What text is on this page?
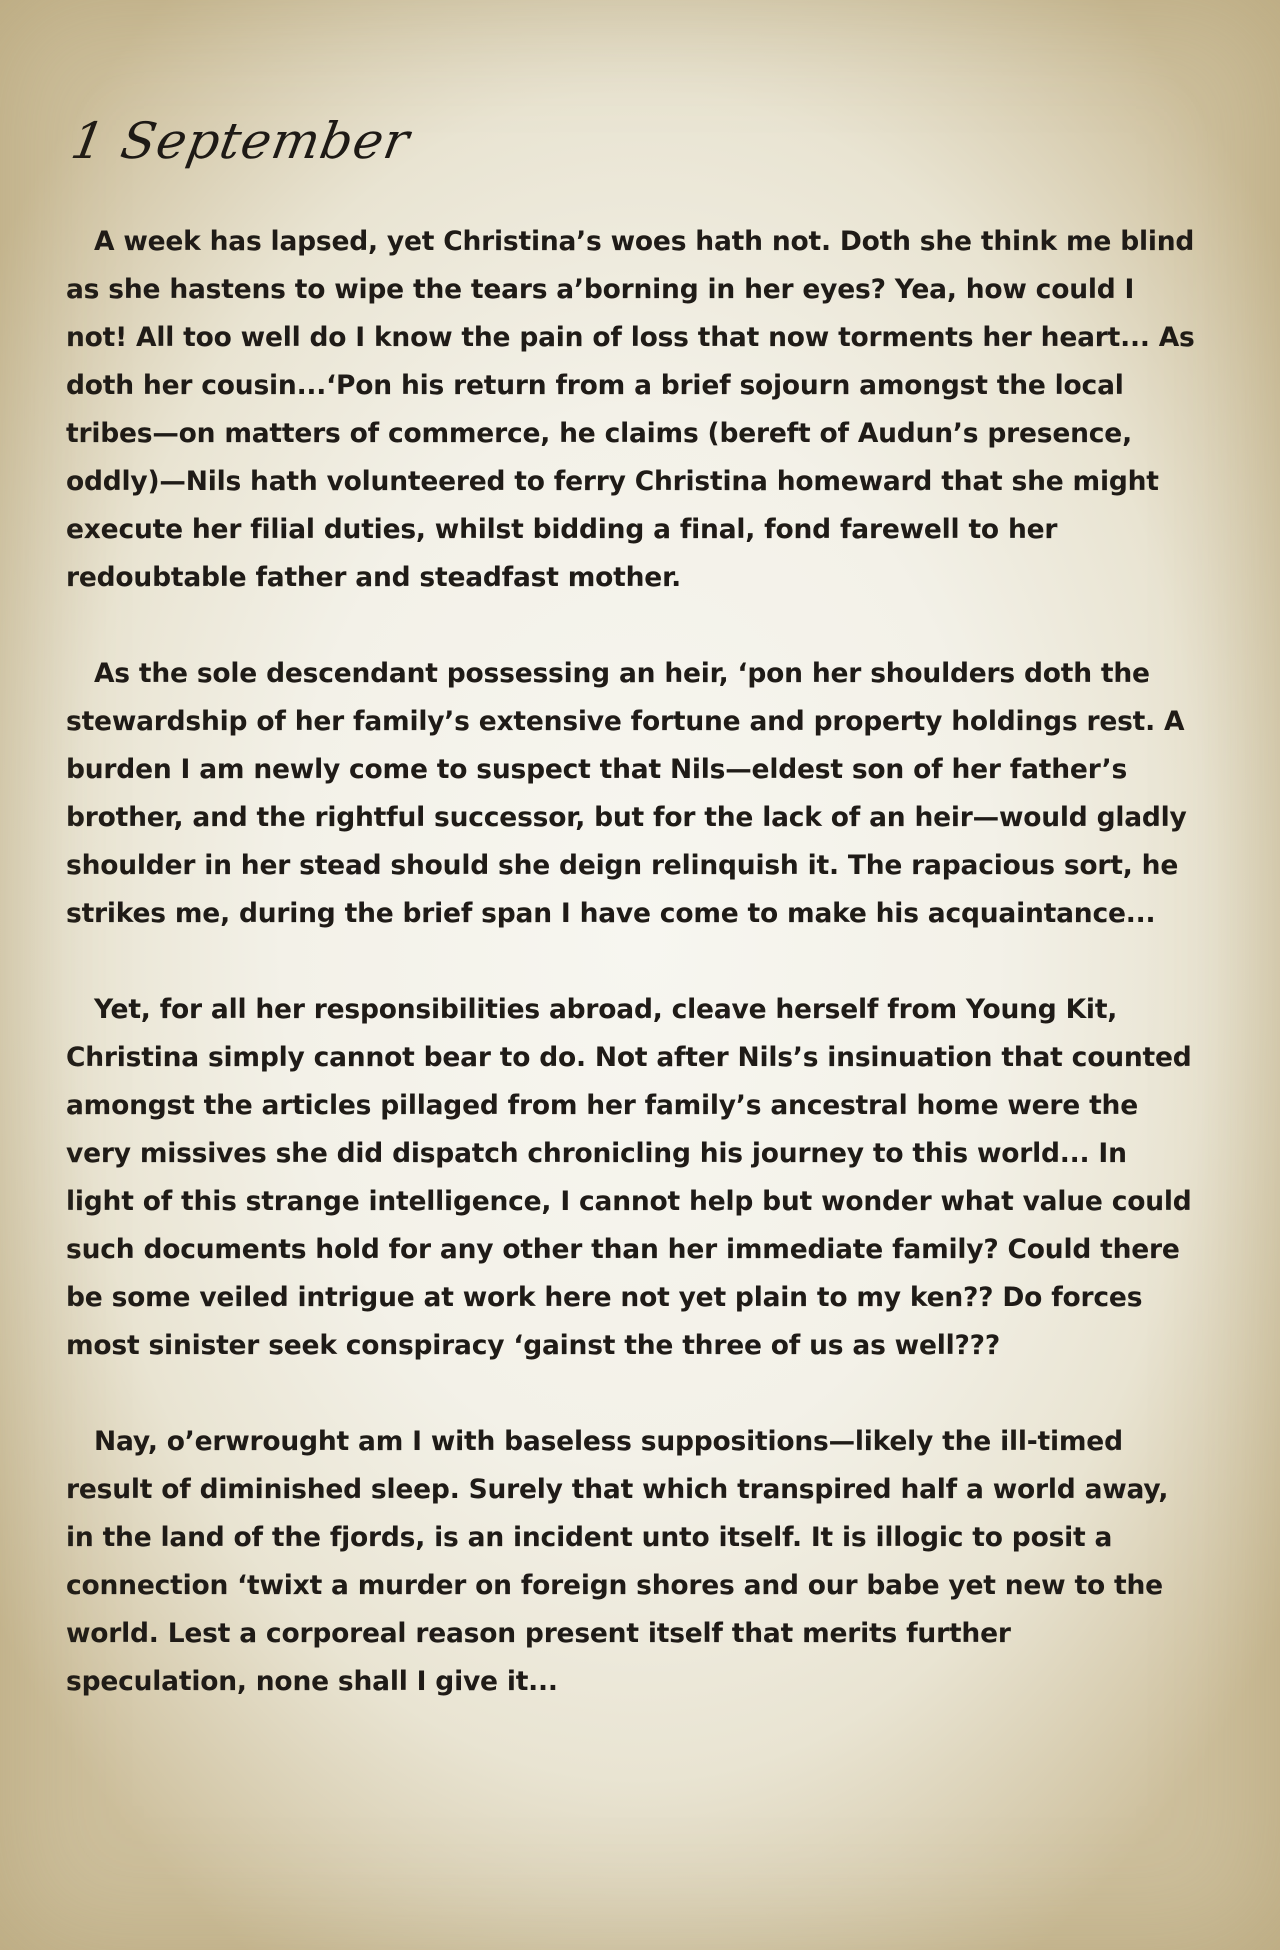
1 September

A week has lapsed, yet Christina’s woes hath not. Doth she think me blind as she hastens to wipe the tears a’borning in her eyes? Yea, how could I not! All too well do I know the pain of loss that now torments her heart... As doth her cousin...‘Pon his return from a brief sojourn amongst the local tribes—on matters of commerce, he claims (bereft of Audun’s presence, oddly)—Nils hath volunteered to ferry Christina homeward that she might execute her filial duties, whilst bidding a final, fond farewell to her redoubtable father and steadfast mother.

As the sole descendant possessing an heir, ‘pon her shoulders doth the stewardship of her family’s extensive fortune and property holdings rest. A burden I am newly come to suspect that Nils—eldest son of her father’s brother, and the rightful successor, but for the lack of an heir—would gladly shoulder in her stead should she deign relinquish it. The rapacious sort, he strikes me, during the brief span I have come to make his acquaintance...

Yet, for all her responsibilities abroad, cleave herself from Young Kit, Christina simply cannot bear to do. Not after Nils’s insinuation that counted amongst the articles pillaged from her family’s ancestral home were the very missives she did dispatch chronicling his journey to this world... In light of this strange intelligence, I cannot help but wonder what value could such documents hold for any other than her immediate family? Could there be some veiled intrigue at work here not yet plain to my ken?? Do forces most sinister seek conspiracy ‘gainst the three of us as well???

Nay, o’erwrought am I with baseless suppositions—likely the ill-timed result of diminished sleep. Surely that which transpired half a world away, in the land of the fjords, is an incident unto itself. It is illogic to posit a connection ‘twixt a murder on foreign shores and our babe yet new to the world. Lest a corporeal reason present itself that merits further speculation, none shall I give it...
